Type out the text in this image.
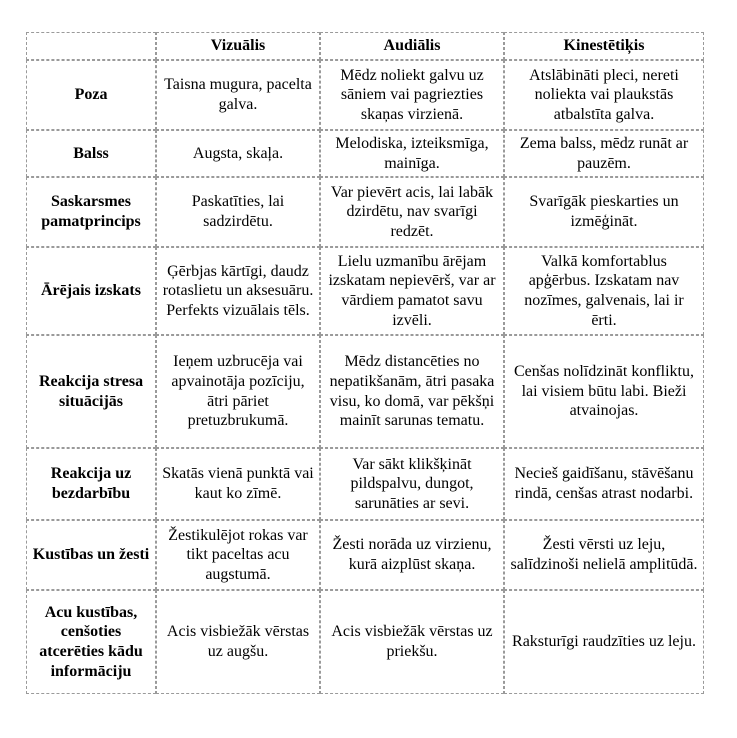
	Vizuālis	Audiālis	Kinestētiķis
Poza	Taisna mugura, pacelta galva.	Mēdz noliekt galvu uz sāniem vai pagriezties skaņas virzienā.	Atslābināti pleci, nereti noliekta vai plaukstās atbalstīta galva.
Balss	Augsta, skaļa.	Melodiska, izteiksmīga, mainīga.	Zema balss, mēdz runāt ar pauzēm.
Saskarsmes pamatprincips	Paskatīties, lai sadzirdētu.	Var pievērt acis, lai labāk dzirdētu, nav svarīgi redzēt.	Svarīgāk pieskarties un izmēģināt.
Ārējais izskats	Ģērbjas kārtīgi, daudz rotaslietu un aksesuāru. Perfekts vizuālais tēls.	Lielu uzmanību ārējam izskatam nepievērš, var ar vārdiem pamatot savu izvēli.	Valkā komfortablus apģērbus. Izskatam nav nozīmes, galvenais, lai ir ērti.
Reakcija stresa situācijās	Ieņem uzbrucēja vai apvainotāja pozīciju, ātri pāriet pretuzbrukumā.	Mēdz distancēties no nepatikšanām, ātri pasaka visu, ko domā, var pēkšņi mainīt sarunas tematu.	Cenšas nolīdzināt konfliktu, lai visiem būtu labi. Bieži atvainojas.
Reakcija uz bezdarbību	Skatās vienā punktā vai kaut ko zīmē.	Var sākt klikšķināt pildspalvu, dungot, sarunāties ar sevi.	Necieš gaidīšanu, stāvēšanu rindā, cenšas atrast nodarbi.
Kustības un žesti	Žestikulējot rokas var tikt paceltas acu augstumā.	Žesti norāda uz virzienu, kurā aizplūst skaņa.	Žesti vērsti uz leju, salīdzinoši nelielā amplitūdā.
Acu kustības, cenšoties atcerēties kādu informāciju	Acis visbiežāk vērstas uz augšu.	Acis visbiežāk vērstas uz priekšu.	Raksturīgi raudzīties uz leju.
